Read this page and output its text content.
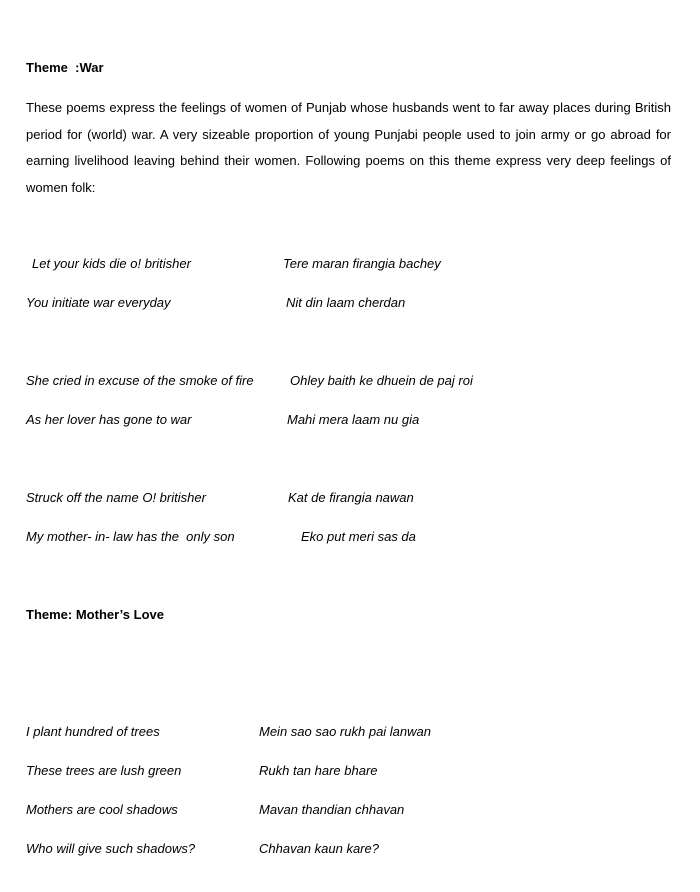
Theme  :War
These poems express the feelings of women of Punjab whose husbands went to far away places during British period for (world) war. A very sizeable proportion of young Punjabi people used to join army or go abroad for earning livelihood leaving behind their women. Following poems on this theme express very deep feelings of women folk:
Let your kids die o! britisher	Tere maran firangia bachey
You initiate war everyday	Nit din laam cherdan
She cried in excuse of the smoke of fire	Ohley baith ke dhuein de paj roi
As her lover has gone to war	Mahi mera laam nu gia
Struck off the name O! britisher	Kat de firangia nawan
My mother- in- law has the  only son	Eko put meri sas da
Theme: Mother’s Love
I plant hundred of trees	Mein sao sao rukh pai lanwan
These trees are lush green	Rukh tan hare bhare
Mothers are cool shadows	Mavan thandian chhavan
Who will give such shadows?	Chhavan kaun kare?
